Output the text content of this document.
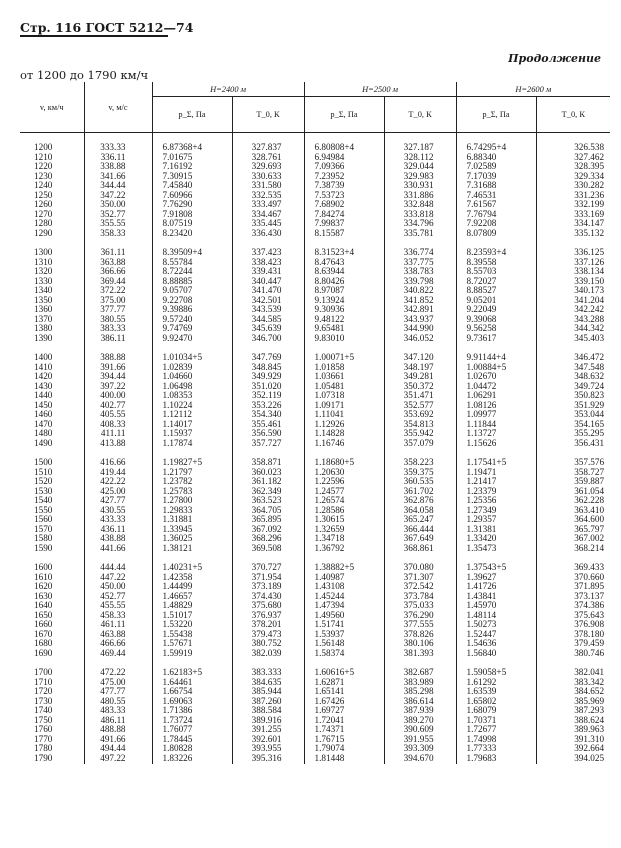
Стр. 116 ГОСТ 5212—74
Продолжение
от 1200 до 1790 км/ч
v, км/ч	v, м/с	H=2400 м		H=2500 м		H=2600 м	
		p_Σ, Па	T_0, К	p_Σ, Па	T_0, К	p_Σ, Па	T_0, К
1200	333.33	6.87368+4	327.837	6.80808+4	327.187	6.74295+4	326.538
1210	336.11	7.01675	328.761	6.94984	328.112	6.88340	327.462
1220	338.88	7.16192	329.693	7.09366	329.044	7.02589	328.395
1230	341.66	7.30915	330.633	7.23952	329.983	7.17039	329.334
1240	344.44	7.45840	331.580	7.38739	330.931	7.31688	330.282
1250	347.22	7.60966	332.535	7.53723	331.886	7.46531	331.236
1260	350.00	7.76290	333.497	7.68902	332.848	7.61567	332.199
1270	352.77	7.91808	334.467	7.84274	333.818	7.76794	333.169
1280	355.55	8.07519	335.445	7.99837	334.796	7.92208	334.147
1290	358.33	8.23420	336.430	8.15587	335.781	8.07809	335.132

1300	361.11	8.39509+4	337.423	8.31523+4	336.774	8.23593+4	336.125
1310	363.88	8.55784	338.423	8.47643	337.775	8.39558	337.126
1320	366.66	8.72244	339.431	8.63944	338.783	8.55703	338.134
1330	369.44	8.88885	340.447	8.80426	339.798	8.72027	339.150
1340	372.22	9.05707	341.470	8.97087	340.822	8.88527	340.173
1350	375.00	9.22708	342.501	9.13924	341.852	9.05201	341.204
1360	377.77	9.39886	343.539	9.30936	342.891	9.22049	342.242
1370	380.55	9.57240	344.585	9.48122	343.937	9.39068	343.288
1380	383.33	9.74769	345.639	9.65481	344.990	9.56258	344.342
1390	386.11	9.92470	346.700	9.83010	346.052	9.73617	345.403

1400	388.88	1.01034+5	347.769	1.00071+5	347.120	9.91144+4	346.472
1410	391.66	1.02839	348.845	1.01858	348.197	1.00884+5	347.548
1420	394.44	1.04660	349.929	1.03661	349.281	1.02670	348.632
1430	397.22	1.06498	351.020	1.05481	350.372	1.04472	349.724
1440	400.00	1.08353	352.119	1.07318	351.471	1.06291	350.823
1450	402.77	1.10224	353.226	1.09171	352.577	1.08126	351.929
1460	405.55	1.12112	354.340	1.11041	353.692	1.09977	353.044
1470	408.33	1.14017	355.461	1.12926	354.813	1.11844	354.165
1480	411.11	1.15937	356.590	1.14828	355.942	1.13727	355.295
1490	413.88	1.17874	357.727	1.16746	357.079	1.15626	356.431

1500	416.66	1.19827+5	358.871	1.18680+5	358.223	1.17541+5	357.576
1510	419.44	1.21797	360.023	1.20630	359.375	1.19471	358.727
1520	422.22	1.23782	361.182	1.22596	360.535	1.21417	359.887
1530	425.00	1.25783	362.349	1.24577	361.702	1.23379	361.054
1540	427.77	1.27800	363.523	1.26574	362.876	1.25356	362.228
1550	430.55	1.29833	364.705	1.28586	364.058	1.27349	363.410
1560	433.33	1.31881	365.895	1.30615	365.247	1.29357	364.600
1570	436.11	1.33945	367.092	1.32659	366.444	1.31381	365.797
1580	438.88	1.36025	368.296	1.34718	367.649	1.33420	367.002
1590	441.66	1.38121	369.508	1.36792	368.861	1.35473	368.214

1600	444.44	1.40231+5	370.727	1.38882+5	370.080	1.37543+5	369.433
1610	447.22	1.42358	371.954	1.40987	371.307	1.39627	370.660
1620	450.00	1.44499	373.189	1.43108	372.542	1.41726	371.895
1630	452.77	1.46657	374.430	1.45244	373.784	1.43841	373.137
1640	455.55	1.48829	375.680	1.47394	375.033	1.45970	374.386
1650	458.33	1.51017	376.937	1.49560	376.290	1.48114	375.643
1660	461.11	1.53220	378.201	1.51741	377.555	1.50273	376.908
1670	463.88	1.55438	379.473	1.53937	378.826	1.52447	378.180
1680	466.66	1.57671	380.752	1.56148	380.106	1.54636	379.459
1690	469.44	1.59919	382.039	1.58374	381.393	1.56840	380.746

1700	472.22	1.62183+5	383.333	1.60616+5	382.687	1.59058+5	382.041
1710	475.00	1.64461	384.635	1.62871	383.989	1.61292	383.342
1720	477.77	1.66754	385.944	1.65141	385.298	1.63539	384.652
1730	480.55	1.69063	387.260	1.67426	386.614	1.65802	385.969
1740	483.33	1.71386	388.584	1.69727	387.939	1.68079	387.293
1750	486.11	1.73724	389.916	1.72041	389.270	1.70371	388.624
1760	488.88	1.76077	391.255	1.74371	390.609	1.72677	389.963
1770	491.66	1.78445	392.601	1.76715	391.955	1.74998	391.310
1780	494.44	1.80828	393.955	1.79074	393.309	1.77333	392.664
1790	497.22	1.83226	395.316	1.81448	394.670	1.79683	394.025
